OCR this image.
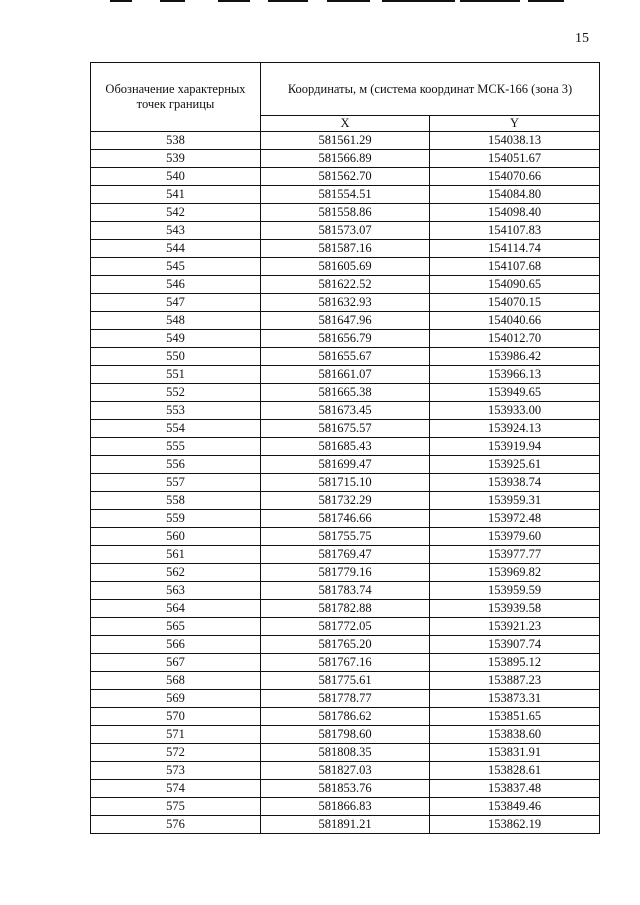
15
Обозначение характерных точек границы	Координаты, м (система координат МСК-166 (зона 3)	
	X	Y
538	581561.29	154038.13
539	581566.89	154051.67
540	581562.70	154070.66
541	581554.51	154084.80
542	581558.86	154098.40
543	581573.07	154107.83
544	581587.16	154114.74
545	581605.69	154107.68
546	581622.52	154090.65
547	581632.93	154070.15
548	581647.96	154040.66
549	581656.79	154012.70
550	581655.67	153986.42
551	581661.07	153966.13
552	581665.38	153949.65
553	581673.45	153933.00
554	581675.57	153924.13
555	581685.43	153919.94
556	581699.47	153925.61
557	581715.10	153938.74
558	581732.29	153959.31
559	581746.66	153972.48
560	581755.75	153979.60
561	581769.47	153977.77
562	581779.16	153969.82
563	581783.74	153959.59
564	581782.88	153939.58
565	581772.05	153921.23
566	581765.20	153907.74
567	581767.16	153895.12
568	581775.61	153887.23
569	581778.77	153873.31
570	581786.62	153851.65
571	581798.60	153838.60
572	581808.35	153831.91
573	581827.03	153828.61
574	581853.76	153837.48
575	581866.83	153849.46
576	581891.21	153862.19
